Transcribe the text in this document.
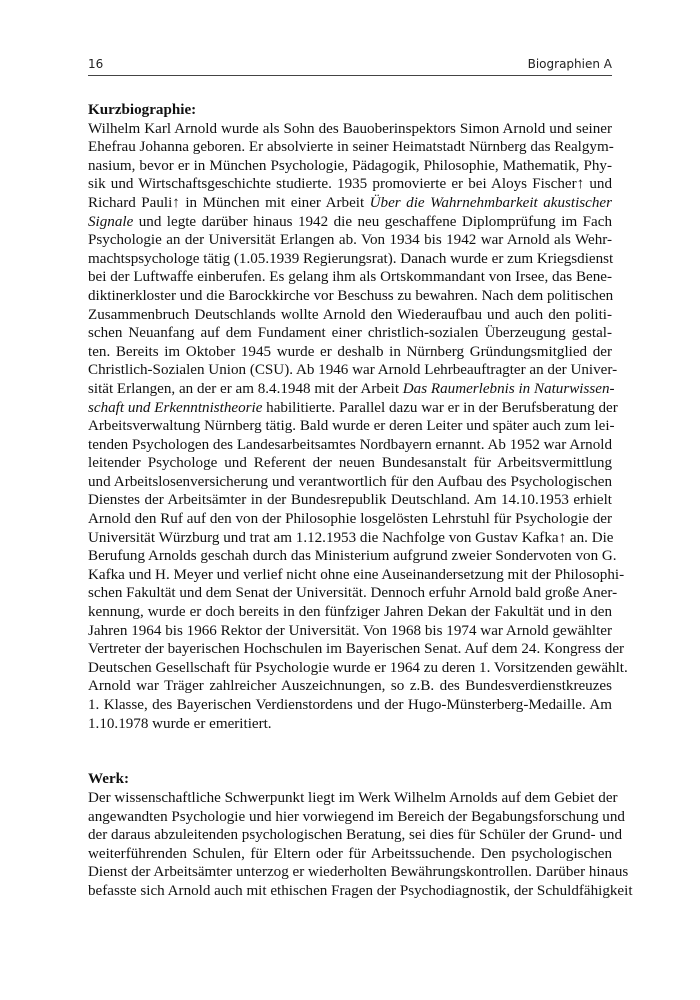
16	Biographien A
Kurzbiographie:
Wilhelm Karl Arnold wurde als Sohn des Bauoberinspektors Simon Arnold und seiner
Ehefrau Johanna geboren. Er absolvierte in seiner Heimatstadt Nürnberg das Realgym-
nasium, bevor er in München Psychologie, Pädagogik, Philosophie, Mathematik, Phy-
sik und Wirtschaftsgeschichte studierte. 1935 promovierte er bei Aloys Fischer↑ und
Richard Pauli↑ in München mit einer Arbeit Über die Wahrnehmbarkeit akustischer
Signale und legte darüber hinaus 1942 die neu geschaffene Diplomprüfung im Fach
Psychologie an der Universität Erlangen ab. Von 1934 bis 1942 war Arnold als Wehr-
machtspsychologe tätig (1.05.1939 Regierungsrat). Danach wurde er zum Kriegsdienst
bei der Luftwaffe einberufen. Es gelang ihm als Ortskommandant von Irsee, das Bene-
diktinerkloster und die Barockkirche vor Beschuss zu bewahren. Nach dem politischen
Zusammenbruch Deutschlands wollte Arnold den Wiederaufbau und auch den politi-
schen Neuanfang auf dem Fundament einer christlich-sozialen Überzeugung gestal-
ten. Bereits im Oktober 1945 wurde er deshalb in Nürnberg Gründungsmitglied der
Christlich-Sozialen Union (CSU). Ab 1946 war Arnold Lehrbeauftragter an der Univer-
sität Erlangen, an der er am 8.4.1948 mit der Arbeit Das Raumerlebnis in Naturwissen-
schaft und Erkenntnistheorie habilitierte. Parallel dazu war er in der Berufsberatung der
Arbeitsverwaltung Nürnberg tätig. Bald wurde er deren Leiter und später auch zum lei-
tenden Psychologen des Landesarbeitsamtes Nordbayern ernannt. Ab 1952 war Arnold
leitender Psychologe und Referent der neuen Bundesanstalt für Arbeitsvermittlung
und Arbeitslosenversicherung und verantwortlich für den Aufbau des Psychologischen
Dienstes der Arbeitsämter in der Bundesrepublik Deutschland. Am 14.10.1953 erhielt
Arnold den Ruf auf den von der Philosophie losgelösten Lehrstuhl für Psychologie der
Universität Würzburg und trat am 1.12.1953 die Nachfolge von Gustav Kafka↑ an. Die
Berufung Arnolds geschah durch das Ministerium aufgrund zweier Sondervoten von G.
Kafka und H. Meyer und verlief nicht ohne eine Auseinandersetzung mit der Philosophi-
schen Fakultät und dem Senat der Universität. Dennoch erfuhr Arnold bald große Aner-
kennung, wurde er doch bereits in den fünfziger Jahren Dekan der Fakultät und in den
Jahren 1964 bis 1966 Rektor der Universität. Von 1968 bis 1974 war Arnold gewählter
Vertreter der bayerischen Hochschulen im Bayerischen Senat. Auf dem 24. Kongress der
Deutschen Gesellschaft für Psychologie wurde er 1964 zu deren 1. Vorsitzenden gewählt.
Arnold war Träger zahlreicher Auszeichnungen, so z.B. des Bundesverdienstkreuzes
1. Klasse, des Bayerischen Verdienstordens und der Hugo-Münsterberg-Medaille. Am
1.10.1978 wurde er emeritiert.
Werk:
Der wissenschaftliche Schwerpunkt liegt im Werk Wilhelm Arnolds auf dem Gebiet der
angewandten Psychologie und hier vorwiegend im Bereich der Begabungsforschung und
der daraus abzuleitenden psychologischen Beratung, sei dies für Schüler der Grund- und
weiterführenden Schulen, für Eltern oder für Arbeitssuchende. Den psychologischen
Dienst der Arbeitsämter unterzog er wiederholten Bewährungskontrollen. Darüber hinaus
befasste sich Arnold auch mit ethischen Fragen der Psychodiagnostik, der Schuldfähigkeit
